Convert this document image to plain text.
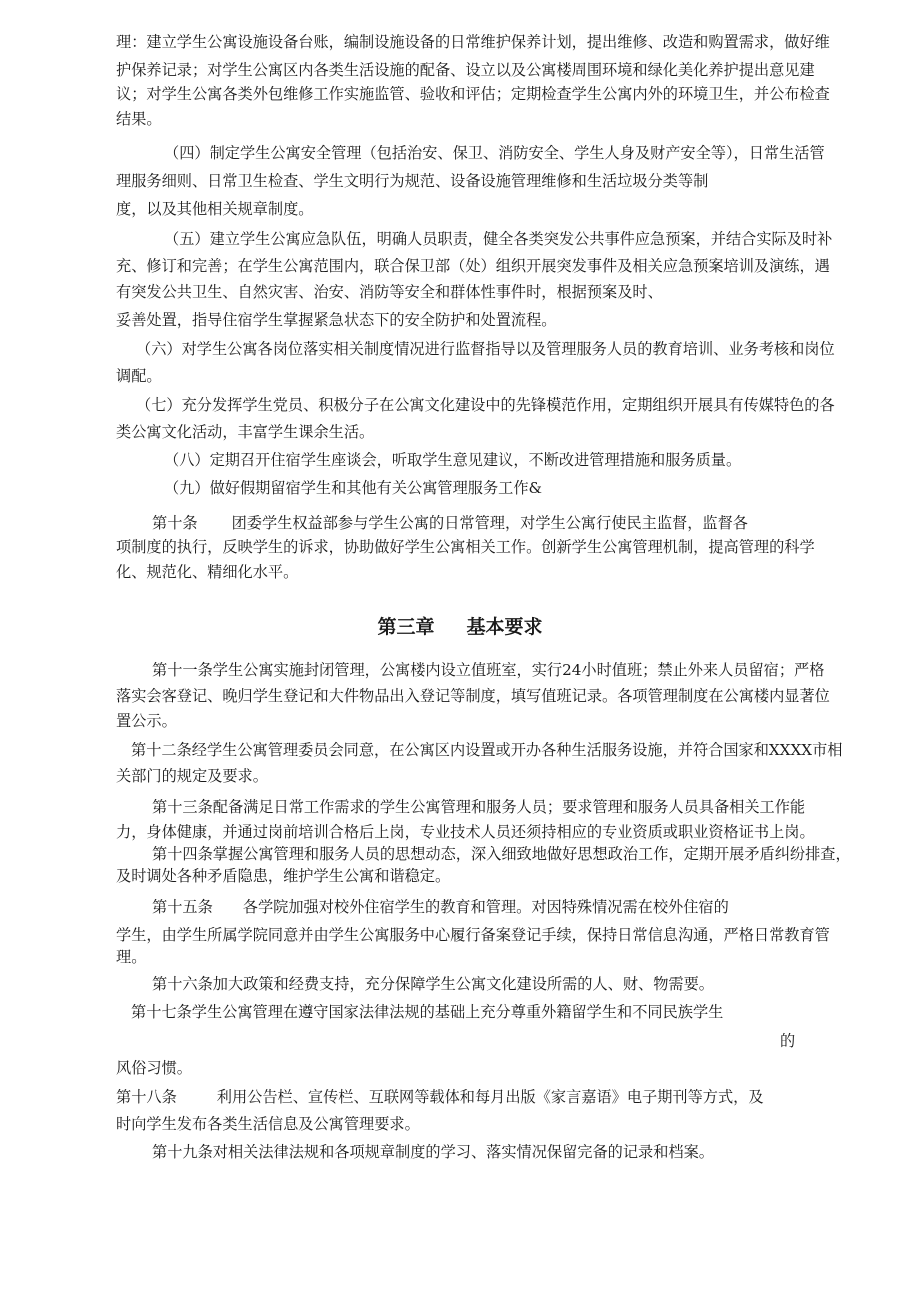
理：建立学生公寓设施设备台账，编制设施设备的日常维护保养计划，提出维修、改造和购置需求，做好维
护保养记录；对学生公寓区内各类生活设施的配备、设立以及公寓楼周围环境和绿化美化养护提出意见建
议；对学生公寓各类外包维修工作实施监管、验收和评估；定期检查学生公寓内外的环境卫生，并公布检查
结果。
（四）制定学生公寓安全管理（包括治安、保卫、消防安全、学生人身及财产安全等），日常生活管
理服务细则、日常卫生检查、学生文明行为规范、设备设施管理维修和生活垃圾分类等制
度，以及其他相关规章制度。
（五）建立学生公寓应急队伍，明确人员职责，健全各类突发公共事件应急预案，并结合实际及时补
充、修订和完善；在学生公寓范围内，联合保卫部（处）组织开展突发事件及相关应急预案培训及演练，遇
有突发公共卫生、自然灾害、治安、消防等安全和群体性事件时，根据预案及时、
妥善处置，指导住宿学生掌握紧急状态下的安全防护和处置流程。
（六）对学生公寓各岗位落实相关制度情况进行监督指导以及管理服务人员的教育培训、业务考核和岗位
调配。
（七）充分发挥学生党员、积极分子在公寓文化建设中的先锋模范作用，定期组织开展具有传媒特色的各
类公寓文化活动，丰富学生课余生活。
（八）定期召开住宿学生座谈会，听取学生意见建议，不断改进管理措施和服务质量。
（九）做好假期留宿学生和其他有关公寓管理服务工作&
第十条 团委学生权益部参与学生公寓的日常管理，对学生公寓行使民主监督，监督各
项制度的执行，反映学生的诉求，协助做好学生公寓相关工作。创新学生公寓管理机制，提高管理的科学
化、规范化、精细化水平。
第三章 基本要求
第十一条学生公寓实施封闭管理，公寓楼内设立值班室，实行24小时值班；禁止外来人员留宿；严格
落实会客登记、晚归学生登记和大件物品出入登记等制度，填写值班记录。各项管理制度在公寓楼内显著位
置公示。
第十二条经学生公寓管理委员会同意，在公寓区内设置或开办各种生活服务设施，并符合国家和XXXX市相
关部门的规定及要求。
第十三条配备满足日常工作需求的学生公寓管理和服务人员；要求管理和服务人员具备相关工作能
力，身体健康，并通过岗前培训合格后上岗，专业技术人员还须持相应的专业资质或职业资格证书上岗。
第十四条掌握公寓管理和服务人员的思想动态，深入细致地做好思想政治工作，定期开展矛盾纠纷排查，
及时调处各种矛盾隐患，维护学生公寓和谐稳定。
第十五条 各学院加强对校外住宿学生的教育和管理。对因特殊情况需在校外住宿的
学生，由学生所属学院同意并由学生公寓服务中心履行备案登记手续，保持日常信息沟通，严格日常教育管
理。
第十六条加大政策和经费支持，充分保障学生公寓文化建设所需的人、财、物需要。
第十七条学生公寓管理在遵守国家法律法规的基础上充分尊重外籍留学生和不同民族学生
的
风俗习惯。
第十八条	利用公告栏、宣传栏、互联网等载体和每月出版《家言嘉语》电子期刊等方式，及
时向学生发布各类生活信息及公寓管理要求。
第十九条对相关法律法规和各项规章制度的学习、落实情况保留完备的记录和档案。
